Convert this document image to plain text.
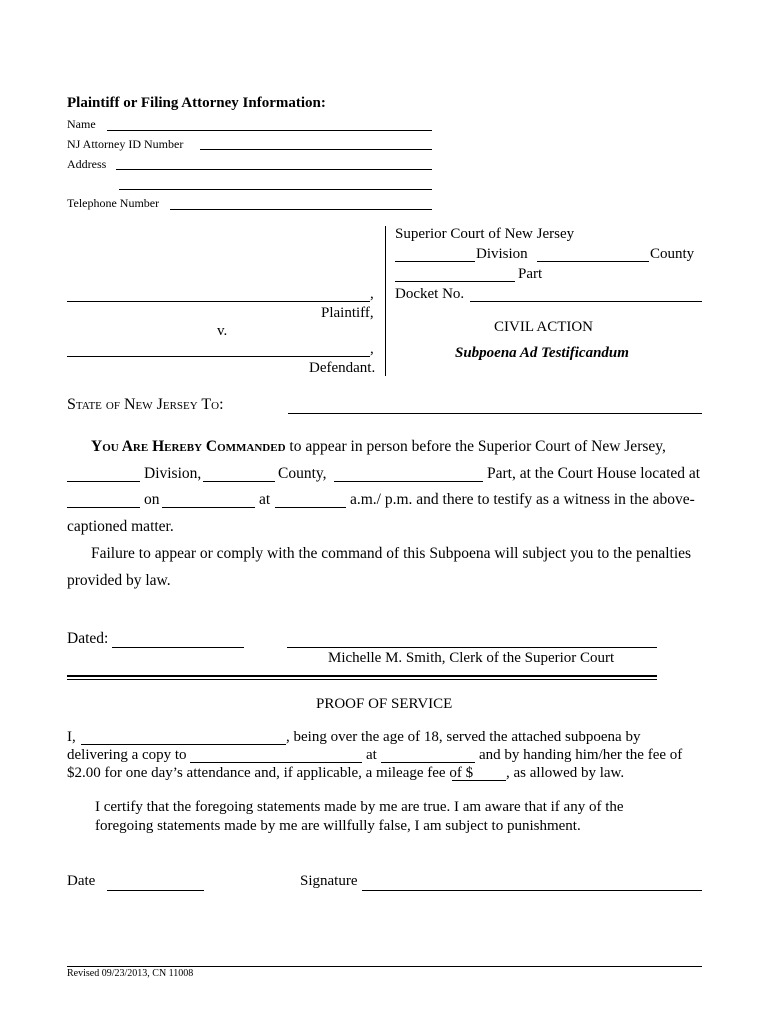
Plaintiff or Filing Attorney Information:
Name
NJ Attorney ID Number
Address
Telephone Number
Superior Court of New Jersey
Division	County
Part
Docket No.
,
Plaintiff,
v.	CIVIL ACTION
,	Subpoena Ad Testificandum
Defendant.
State of New Jersey To:
You Are Hereby Commanded to appear in person before the Superior Court of New Jersey,
Division,	County,	Part, at the Court House located at
on	at	a.m./ p.m. and there to testify as a witness in the above-
captioned matter.
Failure to appear or comply with the command of this Subpoena will subject you to the penalties
provided by law.
Dated:
Michelle M. Smith, Clerk of the Superior Court
PROOF OF SERVICE
I,	, being over the age of 18, served the attached subpoena by
delivering a copy to	at	and by handing him/her the fee of
$2.00 for one day’s attendance and, if applicable, a mileage fee of $ , as allowed by law.
I certify that the foregoing statements made by me are true. I am aware that if any of the
foregoing statements made by me are willfully false, I am subject to punishment.
Date	Signature
Revised 09/23/2013, CN 11008
